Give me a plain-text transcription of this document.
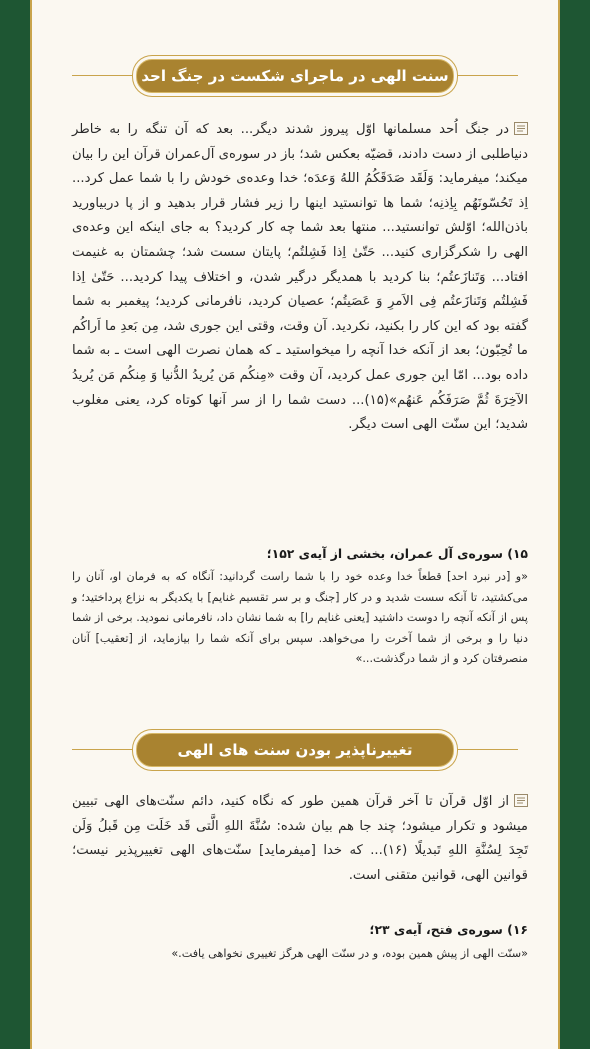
سنت الهی در ماجرای شکست در جنگ احد
در جنگ اُحد مسلمانها اوّل پیروز شدند دیگر... بعد که آن تنگه را به خاطر دنیاطلبی از دست دادند، قضیّه بعکس شد؛ باز در سوره‌ی آل‌عمران قرآن این را بیان میکند؛ میفرماید: وَلَقَد صَدَقَکُمُ اللهُ وَعدَه؛ خدا وعده‌ی خودش را با شما عمل کرد... اِذ تَحُسّونَهُم بِاِذنِه؛ شما ها توانستید اینها را زیر فشار قرار بدهید و از پا دربیاورید باذن‌الله؛ اوّلش توانستید... منتها بعد شما چه کار کردید؟ به جای اینکه این وعده‌ی الهی را شکرگزاری کنید... حَتّیٰ اِذا فَشِلتُم؛ پایتان سست شد؛ چشمتان به غنیمت افتاد... وَتَنازَعتُم؛ بنا کردید با همدیگر درگیر شدن، و اختلاف پیدا کردید... حَتّیٰ اِذا فَشِلتُم وَتَنازَعتُم فِی الاَمرِ وَ عَصَیتُم؛ عصیان کردید، نافرمانی کردید؛ پیغمبر به شما گفته بود که این کار را بکنید، نکردید. آن وقت، وقتی این جوری شد، مِن بَعدِ ما اَراکُم ما تُحِبّون؛ بعد از آنکه خدا آنچه را میخواستید ـ که همان نصرت الهی است ـ به شما داده بود... امّا این جوری عمل کردید، آن وقت «مِنکُم مَن یُریدُ الدُّنیا وَ مِنکُم مَن یُریدُ الآخِرَةَ ثُمَّ صَرَفَکُم عَنهُم»(۱۵)... دست شما را از سر آنها کوتاه کرد، یعنی مغلوب شدید؛ این سنّت الهی است دیگر.
۱۵) سوره‌ی آل عمران، بخشی از آیه‌ی ۱۵۲؛
«و [در نبرد احد] قطعاً خدا وعده خود را با شما راست گردانید: آنگاه که به فرمان او، آنان را می‌کشتید، تا آنکه سست شدید و در کار [جنگ و بر سر تقسیم غنایم] با یکدیگر به نزاع پرداختید؛ و پس از آنکه آنچه را دوست داشتید [یعنی غنایم را] به شما نشان داد، نافرمانی نمودید. برخی از شما دنیا را و برخی از شما آخرت را می‌خواهد. سپس برای آنکه شما را بیازماید، از [تعقیب] آنان منصرفتان کرد و از شما درگذشت...»
تغییرناپذیر بودن سنت های الهی
از اوّل قرآن تا آخر قرآن همین طور که نگاه کنید، دائم سنّت‌های الهی تبیین میشود و تکرار میشود؛ چند جا هم بیان شده: سُنَّةَ اللهِ الَّتی قَد خَلَت مِن قَبلُ وَلَن تَجِدَ لِسُنَّةِ اللهِ تَبدیلًا (۱۶)... که خدا [میفرماید] سنّت‌های الهی تغییرپذیر نیست؛ قوانین الهی، قوانین متقنی است.
۱۶) سوره‌ی فتح، آیه‌ی ۲۳؛
«سنّت الهی از پیش همین بوده، و در سنّت الهی هرگز تغییری نخواهی یافت.»
